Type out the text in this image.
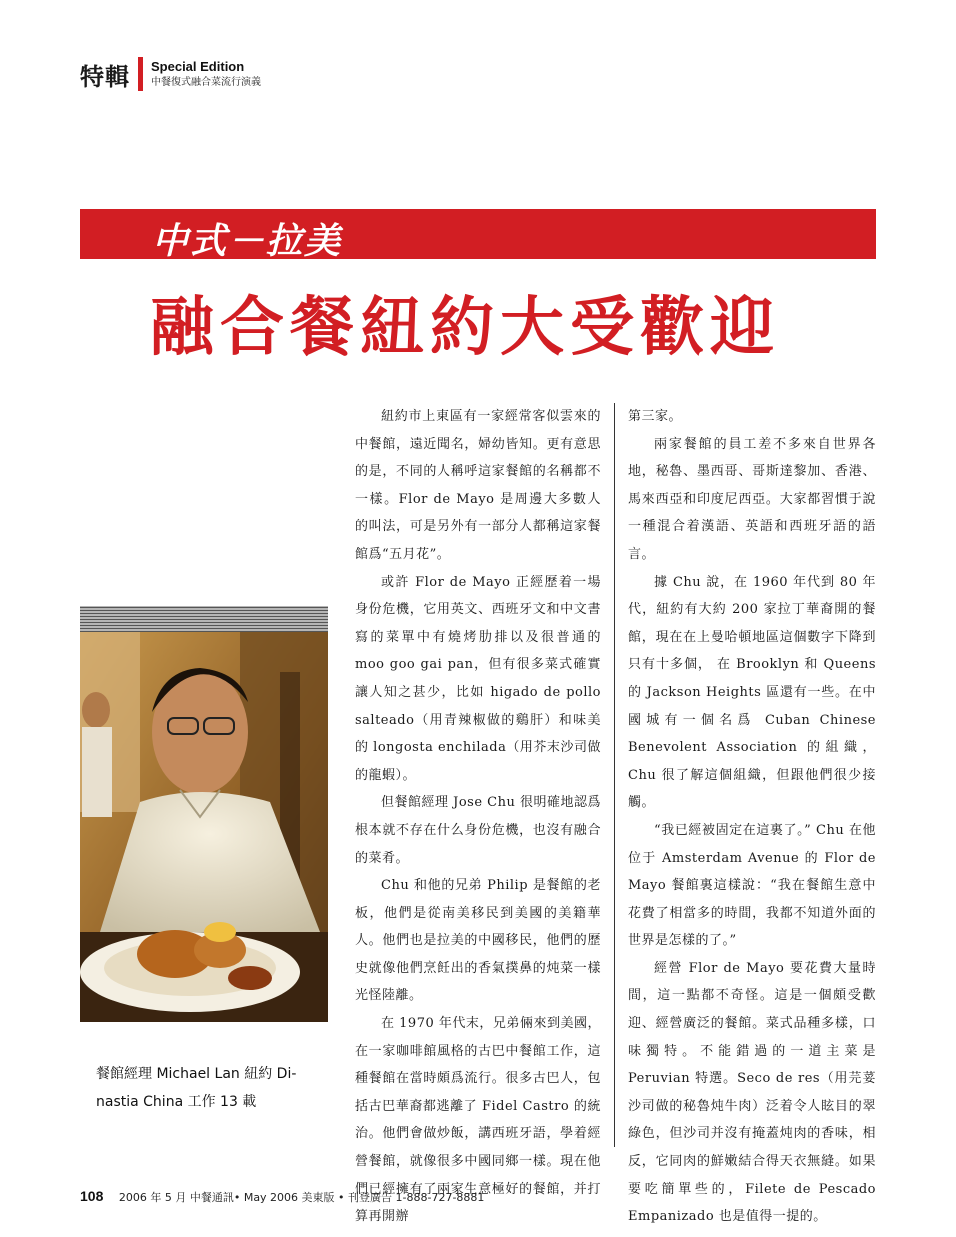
特輯 Special Edition
中餐復式融合菜流行演義
中式－拉美
融合餐紐約大受歡迎
餐館經理 Michael Lan 紐約 Di-nastia China 工作 13 載

紐約市上東區有一家經常客似雲來的中餐館，遠近聞名，婦幼皆知。更有意思的是，不同的人稱呼這家餐館的名稱都不一樣。Flor de Mayo 是周邊大多數人的叫法，可是另外有一部分人都稱這家餐館爲“五月花”。

或許 Flor de Mayo 正經歷着一場身份危機，它用英文、西班牙文和中文書寫的菜單中有燒烤肋排以及很普通的 moo goo gai pan，但有很多菜式確實讓人知之甚少，比如 higado de pollo salteado（用青辣椒做的鷄肝）和味美的 longosta enchilada（用芥末沙司做的龍蝦）。

但餐館經理 Jose Chu 很明確地認爲根本就不存在什么身份危機，也沒有融合的菜肴。

Chu 和他的兄弟 Philip 是餐館的老板，他們是從南美移民到美國的美籍華人。他們也是拉美的中國移民，他們的歷史就像他們烹飪出的香氣撲鼻的炖菜一樣光怪陸離。

在 1970 年代末，兄弟倆來到美國，在一家咖啡館風格的古巴中餐館工作，這種餐館在當時頗爲流行。很多古巴人，包括古巴華裔都逃離了 Fidel Castro 的統治。他們會做炒飯，講西班牙語，學着經營餐館，就像很多中國同鄉一樣。現在他們已經擁有了兩家生意極好的餐館，并打算再開辦

第三家。

兩家餐館的員工差不多來自世界各地，秘魯、墨西哥、哥斯達黎加、香港、馬來西亞和印度尼西亞。大家都習慣于說一種混合着漢語、英語和西班牙語的語言。

據 Chu 說，在 1960 年代到 80 年代，紐約有大約 200 家拉丁華裔開的餐館，現在在上曼哈頓地區這個數字下降到只有十多個， 在 Brooklyn 和 Queens 的 Jackson Heights 區還有一些。在中國城有一個名爲 Cuban Chinese Benevolent Association 的組織，Chu 很了解這個組織，但跟他們很少接觸。

“我已經被固定在這裏了。” Chu 在他位于 Amsterdam Avenue 的 Flor de Mayo 餐館裏這樣說：“我在餐館生意中花費了相當多的時間，我都不知道外面的世界是怎樣的了。”

經營 Flor de Mayo 要花費大量時間，這一點都不奇怪。這是一個頗受歡迎、經營廣泛的餐館。菜式品種多樣，口味獨特。不能錯過的一道主菜是 Peruvian 特選。Seco de res（用芫荽沙司做的秘魯炖牛肉）泛着令人眩目的翠綠色，但沙司并沒有掩蓋炖肉的香味，相反，它同肉的鮮嫩結合得天衣無縫。如果要吃簡單些的，Filete de Pescado Empanizado 也是值得一提的。

108 2006 年 5 月 中餐通訊• May 2006 美東版 • 刊登廣告 1-888-727-8881
